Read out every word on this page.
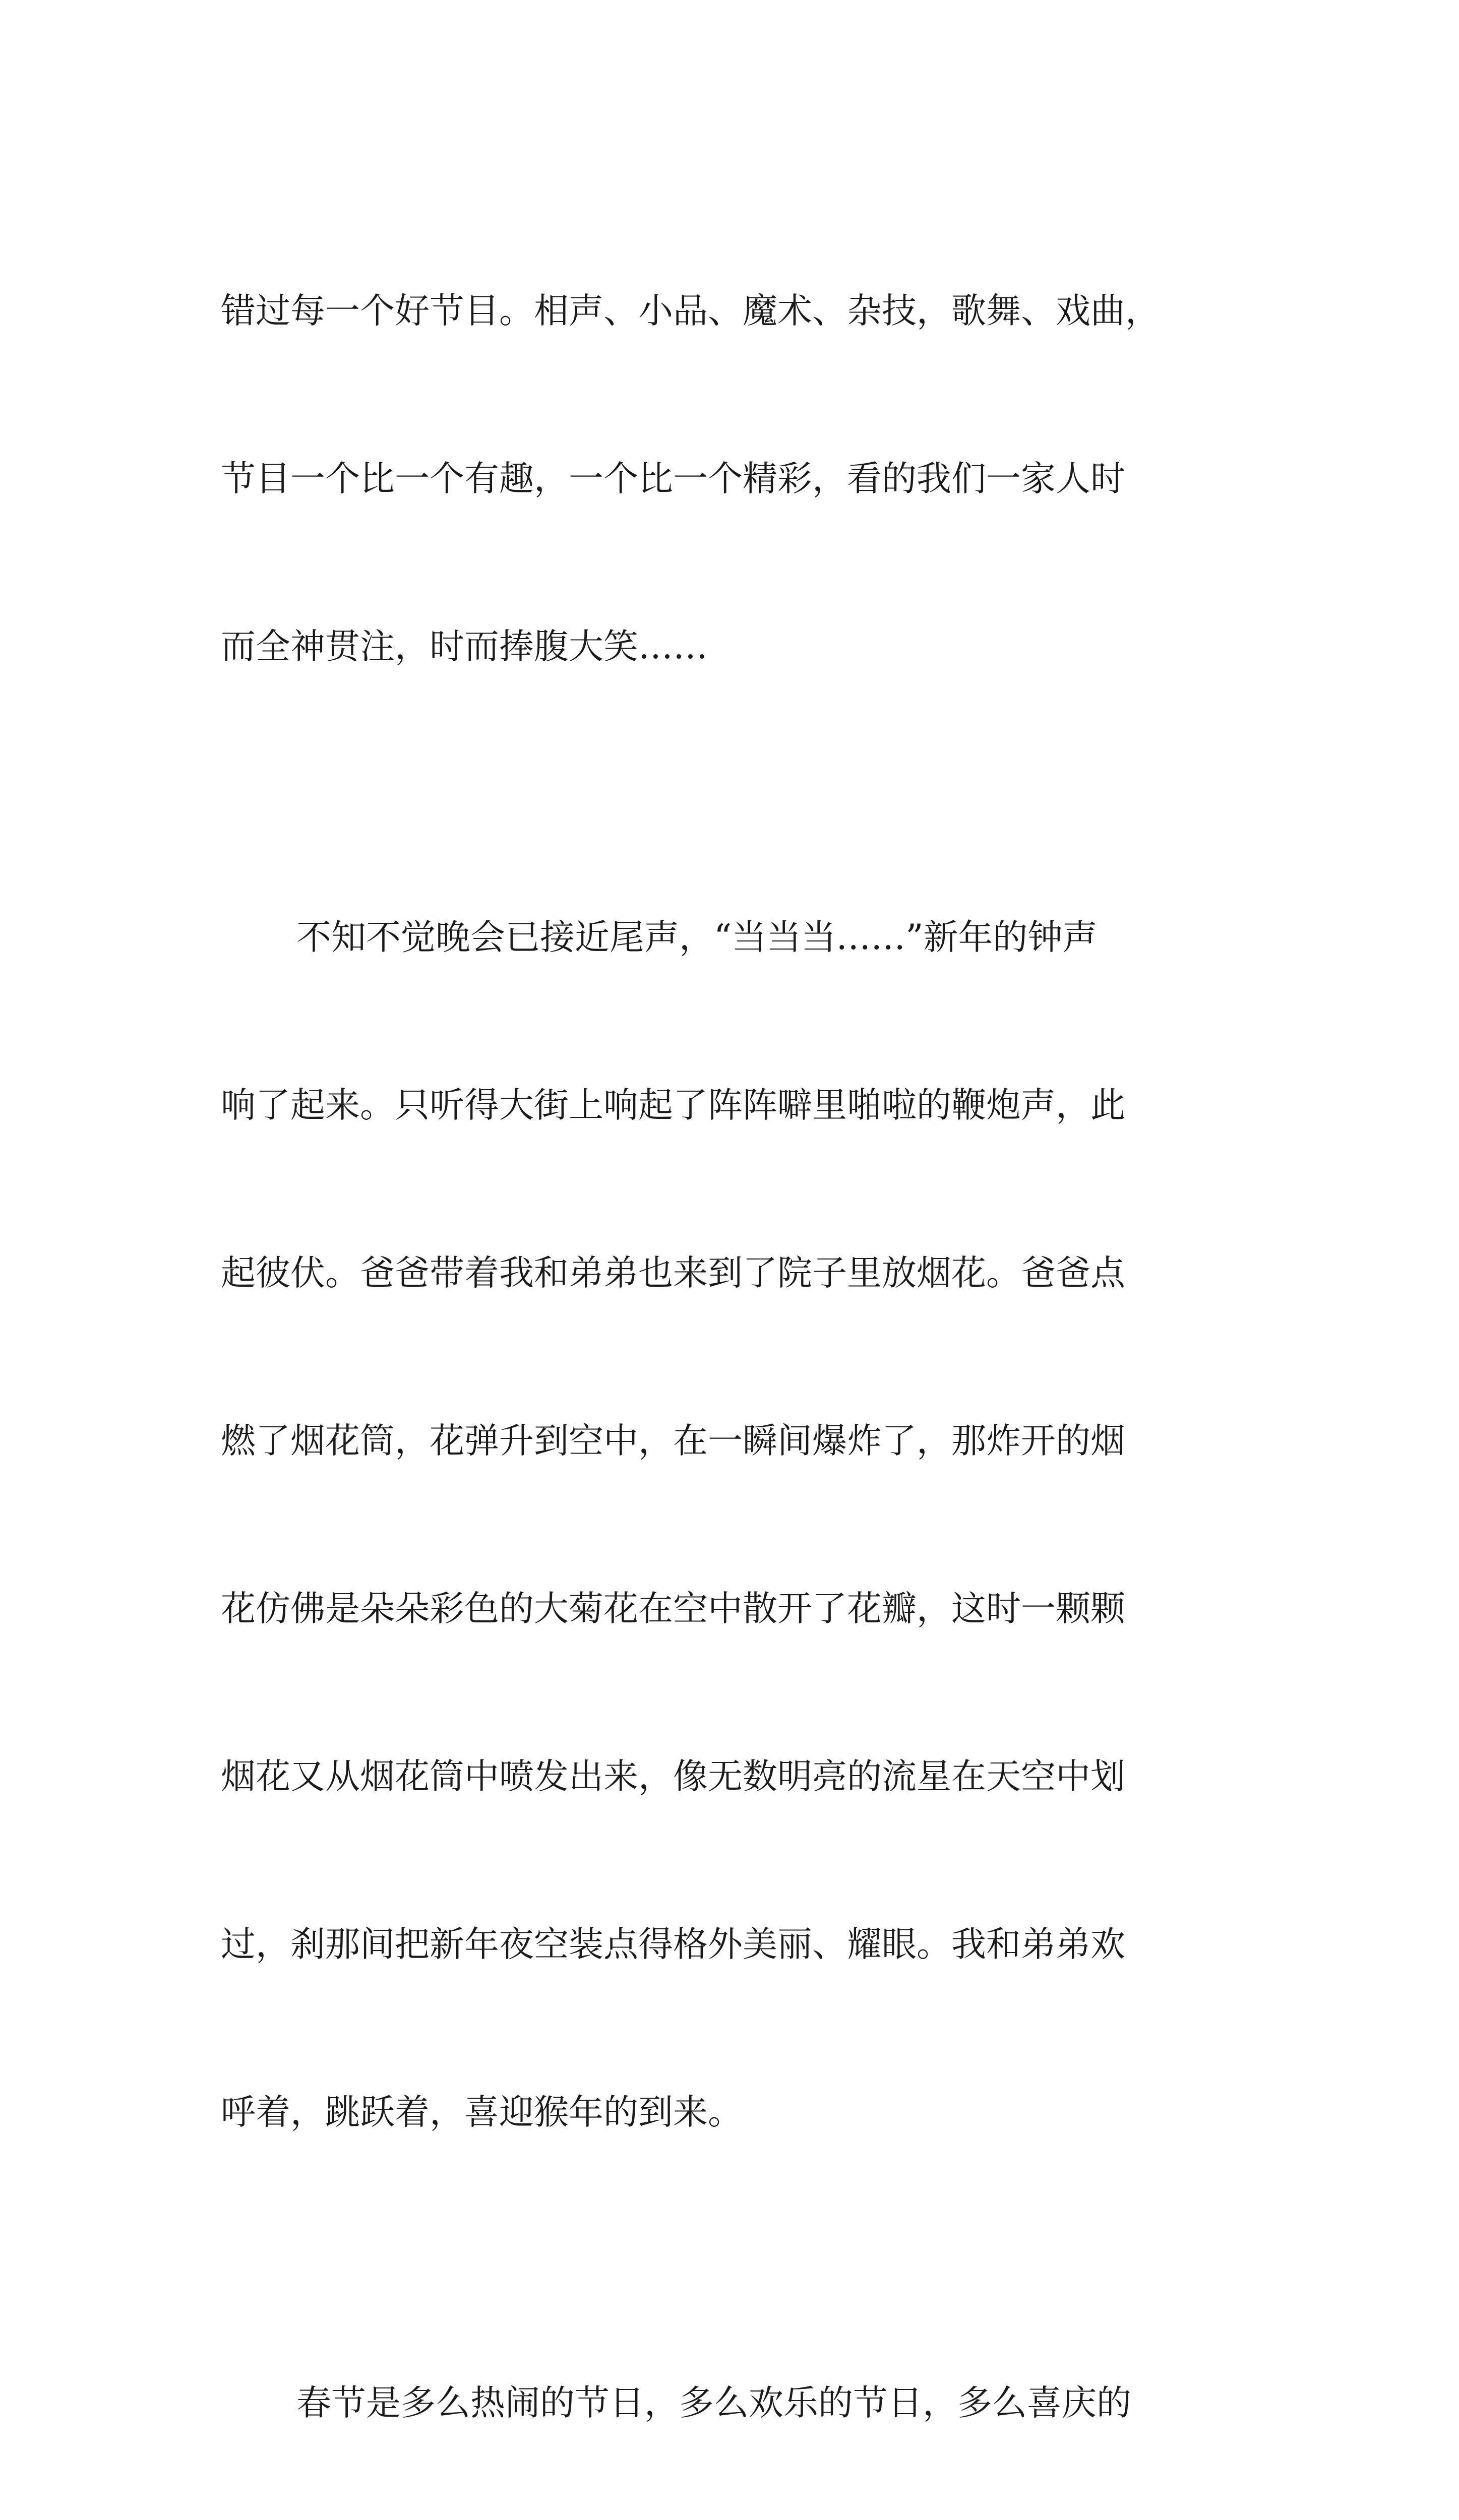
错过每一个好节目。相声、小品、魔术、杂技，歌舞、戏曲，

节目一个比一个有趣，一个比一个精彩，看的我们一家人时

而全神贯注，时而捧腹大笑……

不知不觉晚会已接近尾声，“当当当……”新年的钟声

响了起来。只听得大街上响起了阵阵噼里啪啦的鞭炮声，此

起彼伏。爸爸带着我和弟弟也来到了院子里放烟花。爸爸点

燃了烟花筒，花弹升到空中，在一瞬间爆炸了，那炸开的烟

花仿佛是朵朵彩色的大菊花在空中散开了花瓣，这时一颗颗

烟花又从烟花筒中喷发出来，像无数明亮的流星在天空中划

过，刹那间把新年夜空装点得格外美丽、耀眼。我和弟弟欢

呼着，跳跃着，喜迎猴年的到来。

春节是多么热闹的节日，多么欢乐的节日，多么喜庆的
